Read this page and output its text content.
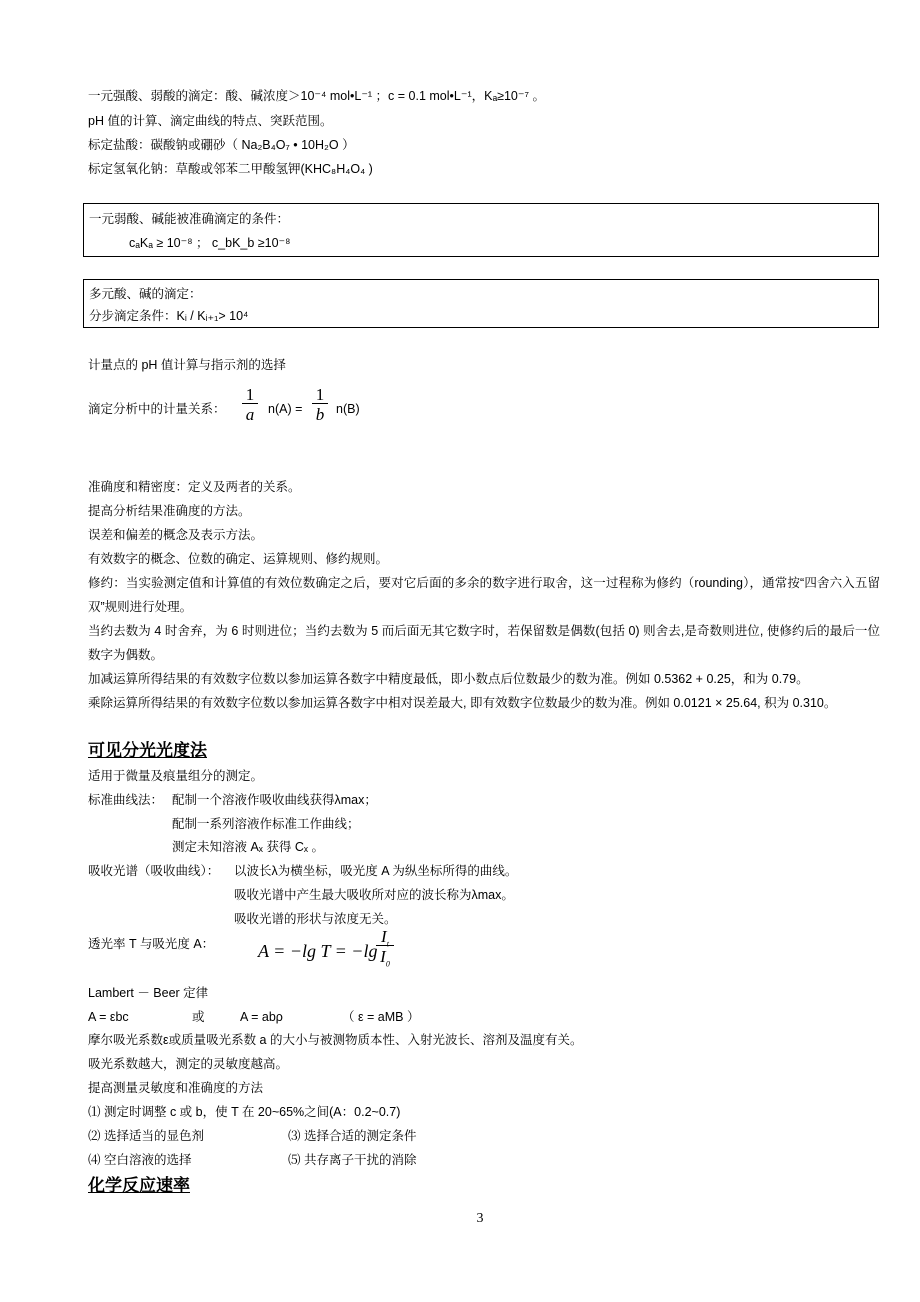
一元强酸、弱酸的滴定：酸、碱浓度＞10⁻⁴ mol•L⁻¹ ；c = 0.1 mol•L⁻¹，Kₐ≥10⁻⁷ 。
pH 值的计算、滴定曲线的特点、突跃范围。
标定盐酸：碳酸钠或硼砂（ Na₂B₄O₇ • 10H₂O ）
标定氢氧化钠：草酸或邻苯二甲酸氢钾(KHC₈H₄O₄ )
一元弱酸、碱能被准确滴定的条件：
cₐKₐ ≥ 10⁻⁸ ； c_bK_b ≥10⁻⁸
多元酸、碱的滴定：
分步滴定条件：Kᵢ / Kᵢ₊₁> 10⁴
计量点的 pH 值计算与指示剂的选择
滴定分析中的计量关系： $\frac{1}{a} n(A) = \frac{1}{b} n(B)$
准确度和精密度：定义及两者的关系。
提高分析结果准确度的方法。
误差和偏差的概念及表示方法。
有效数字的概念、位数的确定、运算规则、修约规则。
修约：当实验测定值和计算值的有效位数确定之后，要对它后面的多余的数字进行取舍，这一过程称为修约（rounding），通常按“四舍六入五留双”规则进行处理。
当约去数为 4 时舍弃，为 6 时则进位；当约去数为 5 而后面无其它数字时，若保留数是偶数(包括 0) 则舍去,是奇数则进位, 使修约后的最后一位数字为偶数。
加减运算所得结果的有效数字位数以参加运算各数字中精度最低，即小数点后位数最少的数为准。例如 0.5362 + 0.25，和为 0.79。
乘除运算所得结果的有效数字位数以参加运算各数字中相对误差最大, 即有效数字位数最少的数为准。例如 0.0121 × 25.64, 积为 0.310。
可见分光光度法
适用于微量及痕量组分的测定。
标准曲线法： 配制一个溶液作吸收曲线获得λmax；
配制一系列溶液作标准工作曲线；
测定未知溶液 Aₓ 获得 Cₓ 。
吸收光谱（吸收曲线）： 以波长λ为横坐标，吸光度 A 为纵坐标所得的曲线。
吸收光谱中产生最大吸收所对应的波长称为λmax。
吸收光谱的形状与浓度无关。
透光率 T 与吸光度 A： A = −lg T = −lg
$\frac{I_t}{I_0}$
Lambert － Beer 定律
A = εbc	或	A = abρ	（ ε = aMB ）
摩尔吸光系数ε或质量吸光系数 a 的大小与被测物质本性、入射光波长、溶剂及温度有关。
吸光系数越大，测定的灵敏度越高。
提高测量灵敏度和准确度的方法
⑴ 测定时调整 c 或 b，使 T 在 20~65%之间(A：0.2~0.7)
⑵ 选择适当的显色剂	⑶ 选择合适的测定条件
⑷ 空白溶液的选择	⑸ 共存离子干扰的消除
化学反应速率
3
